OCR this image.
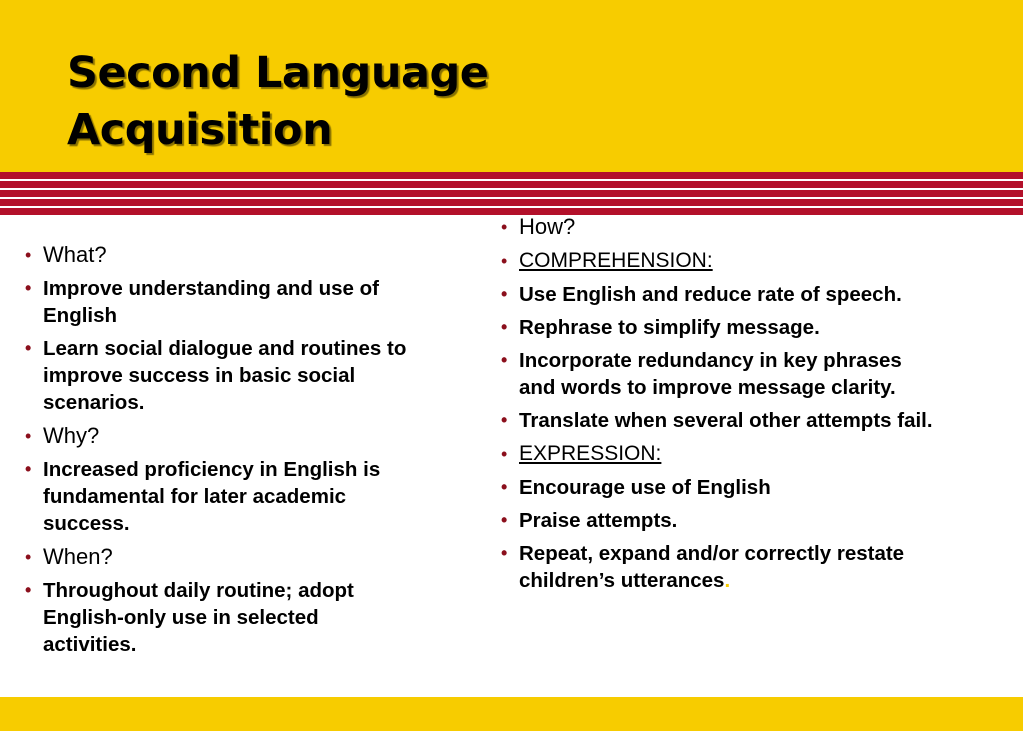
Second Language
Acquisition
• What?
• Improve understanding and use of English
• Learn social dialogue and routines to improve success in basic social scenarios.
• Why?
• Increased proficiency in English is fundamental for later academic success.
• When?
• Throughout daily routine; adopt English-only use in selected activities.
• How?
• COMPREHENSION:
• Use English and reduce rate of speech.
• Rephrase to simplify message.
• Incorporate redundancy in key phrases and words to improve message clarity.
• Translate when several other attempts fail.
• EXPRESSION:
• Encourage use of English
• Praise attempts.
• Repeat, expand and/or correctly restate children’s utterances.
